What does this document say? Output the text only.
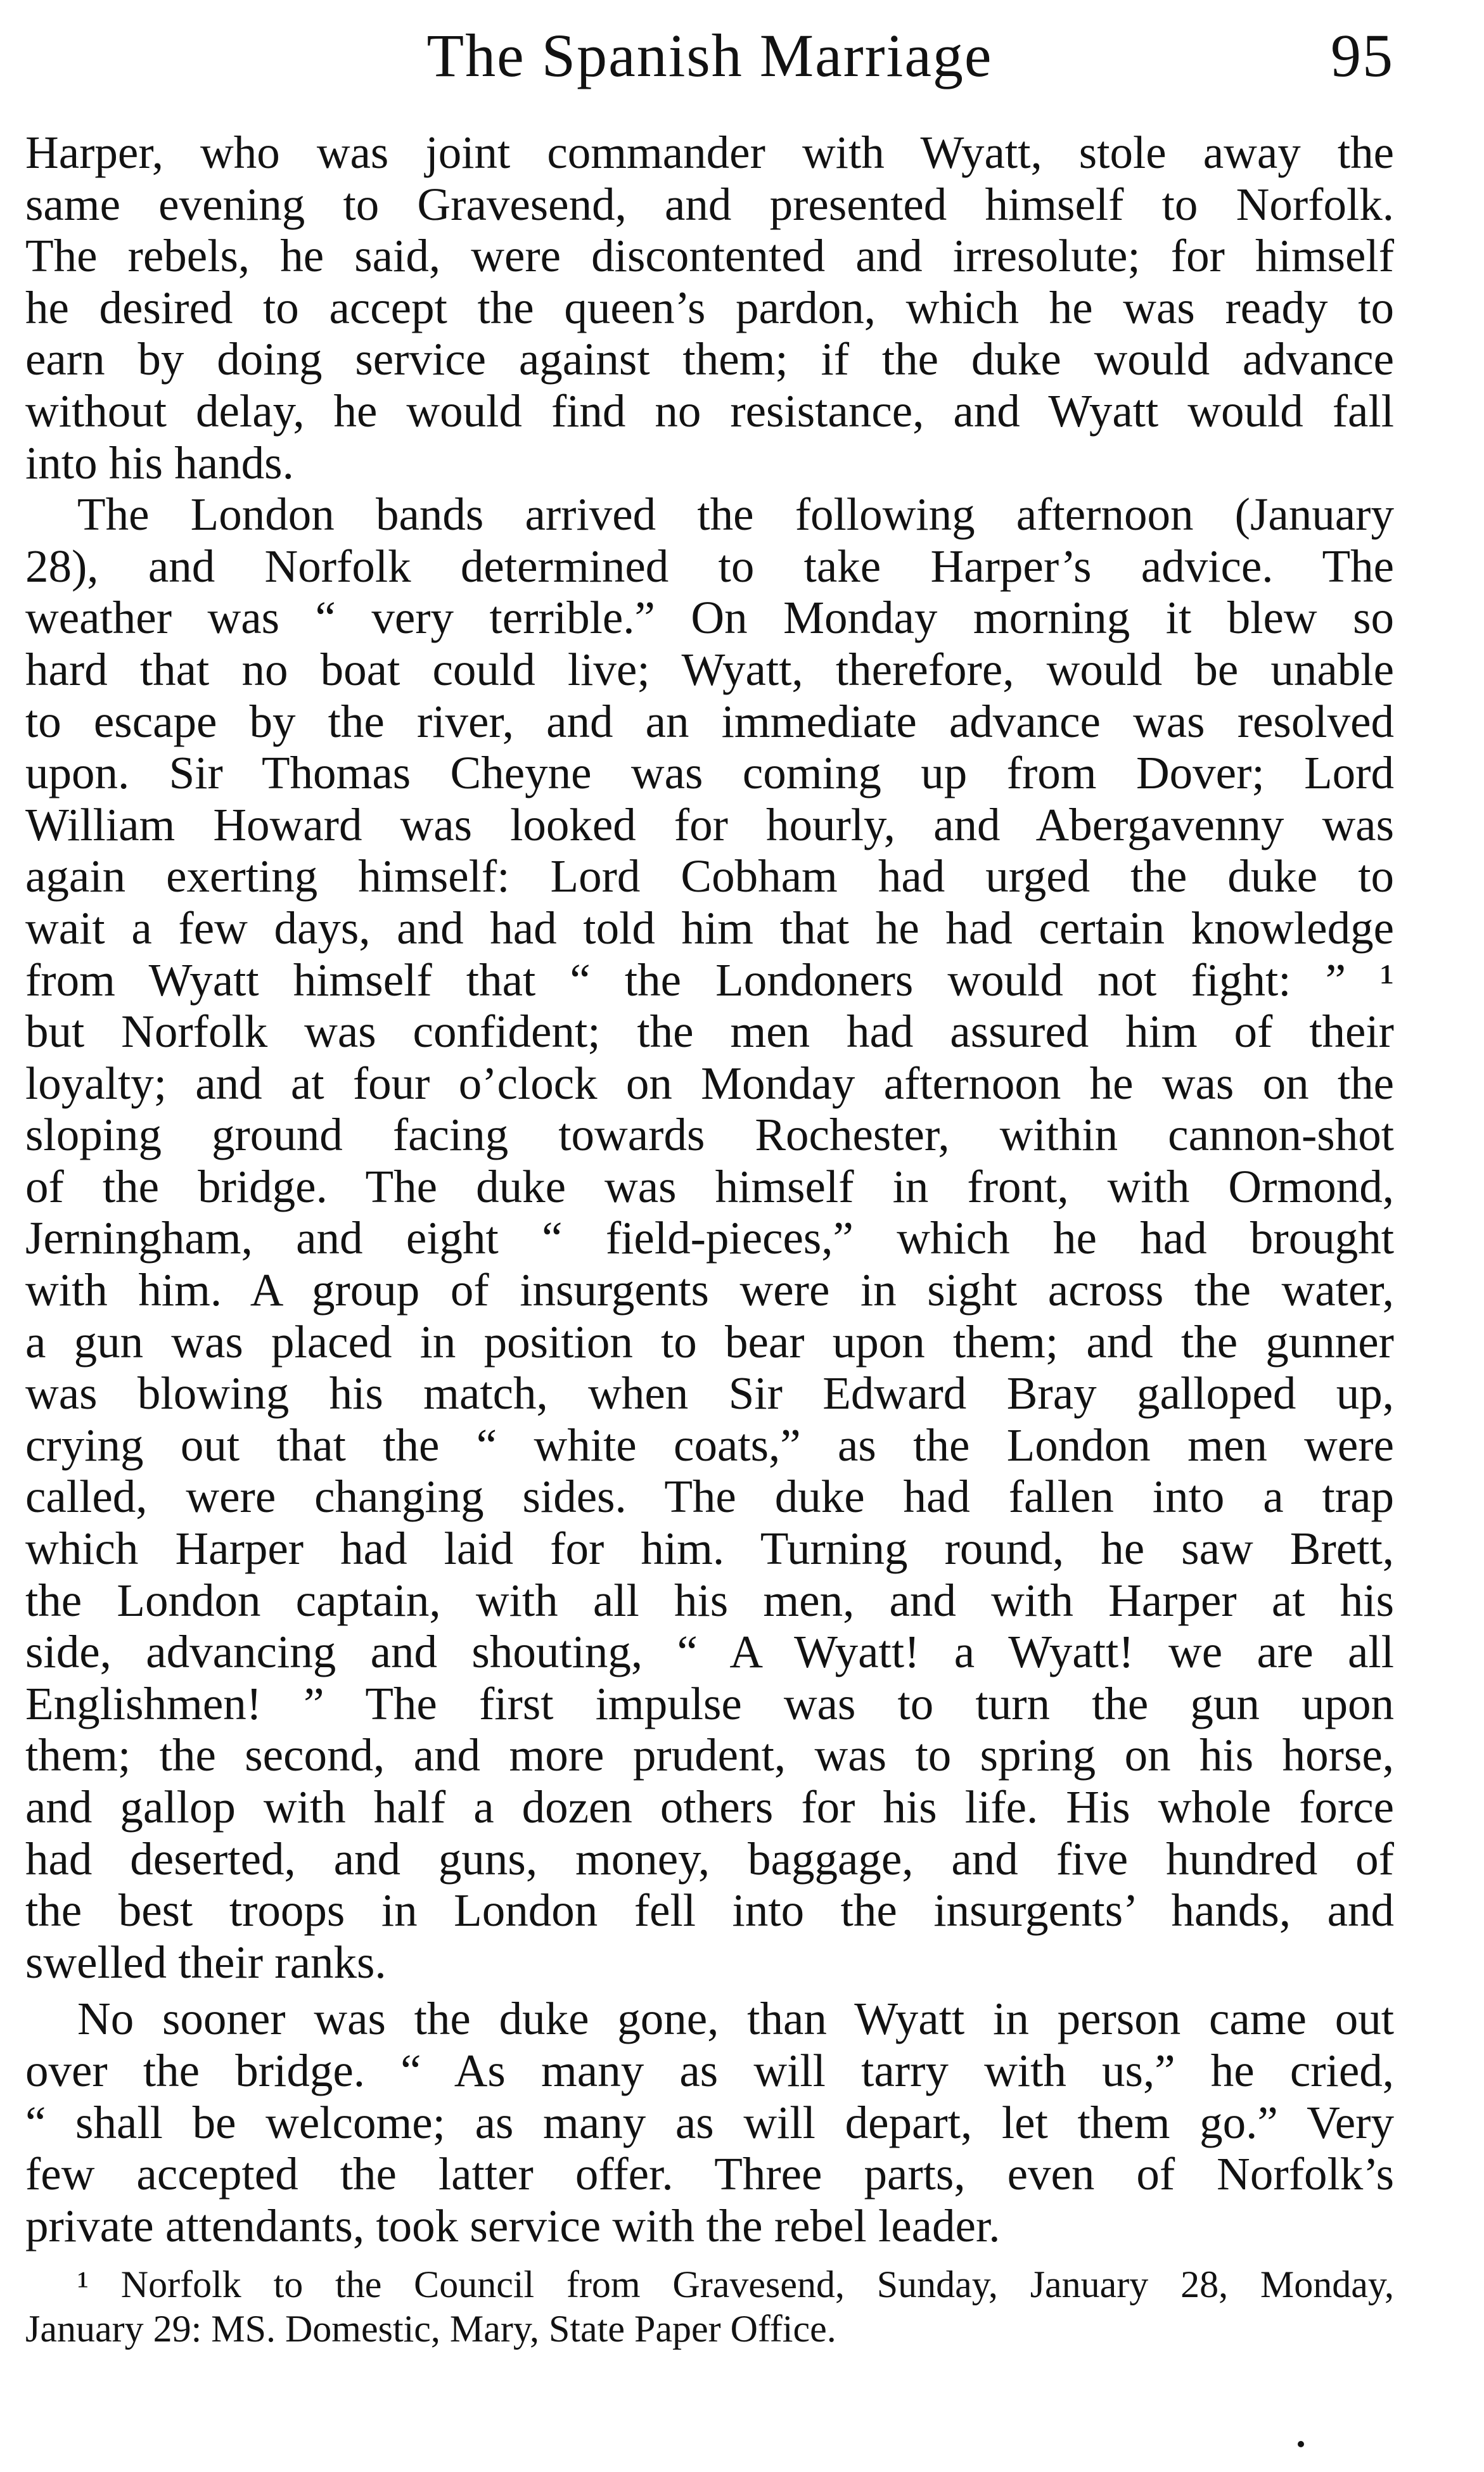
The Spanish Marriage	95
Harper, who was joint commander with Wyatt, stole away the
same evening to Gravesend, and presented himself to Norfolk.
The rebels, he said, were discontented and irresolute; for himself
he desired to accept the queen’s pardon, which he was ready to
earn by doing service against them; if the duke would advance
without delay, he would find no resistance, and Wyatt would fall
into his hands.
The London bands arrived the following afternoon (January
28), and Norfolk determined to take Harper’s advice. The
weather was “ very terrible.” On Monday morning it blew so
hard that no boat could live; Wyatt, therefore, would be unable
to escape by the river, and an immediate advance was resolved
upon. Sir Thomas Cheyne was coming up from Dover; Lord
William Howard was looked for hourly, and Abergavenny was
again exerting himself: Lord Cobham had urged the duke to
wait a few days, and had told him that he had certain knowledge
from Wyatt himself that “ the Londoners would not fight: ” ¹
but Norfolk was confident; the men had assured him of their
loyalty; and at four o’clock on Monday afternoon he was on the
sloping ground facing towards Rochester, within cannon-shot
of the bridge. The duke was himself in front, with Ormond,
Jerningham, and eight “ field-pieces,” which he had brought
with him. A group of insurgents were in sight across the water,
a gun was placed in position to bear upon them; and the gunner
was blowing his match, when Sir Edward Bray galloped up,
crying out that the “ white coats,” as the London men were
called, were changing sides. The duke had fallen into a trap
which Harper had laid for him. Turning round, he saw Brett,
the London captain, with all his men, and with Harper at his
side, advancing and shouting, “ A Wyatt! a Wyatt! we are all
Englishmen! ” The first impulse was to turn the gun upon
them; the second, and more prudent, was to spring on his horse,
and gallop with half a dozen others for his life. His whole force
had deserted, and guns, money, baggage, and five hundred of
the best troops in London fell into the insurgents’ hands, and
swelled their ranks.
No sooner was the duke gone, than Wyatt in person came out
over the bridge. “ As many as will tarry with us,” he cried,
“ shall be welcome; as many as will depart, let them go.” Very
few accepted the latter offer. Three parts, even of Norfolk’s
private attendants, took service with the rebel leader.
¹ Norfolk to the Council from Gravesend, Sunday, January 28, Monday,
January 29: MS. Domestic, Mary, State Paper Office.
